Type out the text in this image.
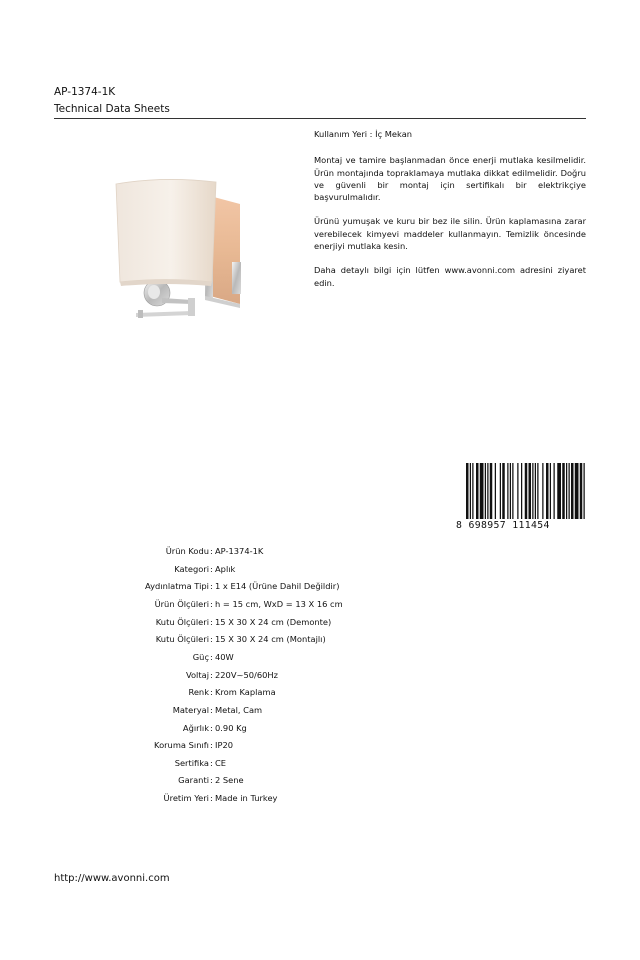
AP-1374-1K
Technical Data Sheets

Kullanım Yeri : İç Mekan

Montaj ve tamire başlanmadan önce enerji mutlaka kesilmelidir. Ürün montajında topraklamaya mutlaka dikkat edilmelidir. Doğru ve güvenli bir montaj için sertifikalı bir elektrikçiye başvurulmalıdır.

Ürünü yumuşak ve kuru bir bez ile silin. Ürün kaplamasına zarar verebilecek kimyevi maddeler kullanmayın. Temizlik öncesinde enerjiyi mutlaka kesin.

Daha detaylı bilgi için lütfen www.avonni.com adresini ziyaret edin.

8 698957 111454
Ürün Kodu : AP-1374-1K
Kategori : Aplık
Aydınlatma Tipi : 1 x E14 (Ürüne Dahil Değildir)
Ürün Ölçüleri : h = 15 cm, WxD = 13 X 16 cm
Kutu Ölçüleri : 15 X 30 X 24 cm (Demonte)
Kutu Ölçüleri : 15 X 30 X 24 cm (Montajlı)
Güç : 40W
Voltaj : 220V~50/60Hz
Renk : Krom Kaplama
Materyal : Metal, Cam
Ağırlık : 0.90 Kg
Koruma Sınıfı : IP20
Sertifika : CE
Garanti : 2 Sene
Üretim Yeri : Made in Turkey
http://www.avonni.com
